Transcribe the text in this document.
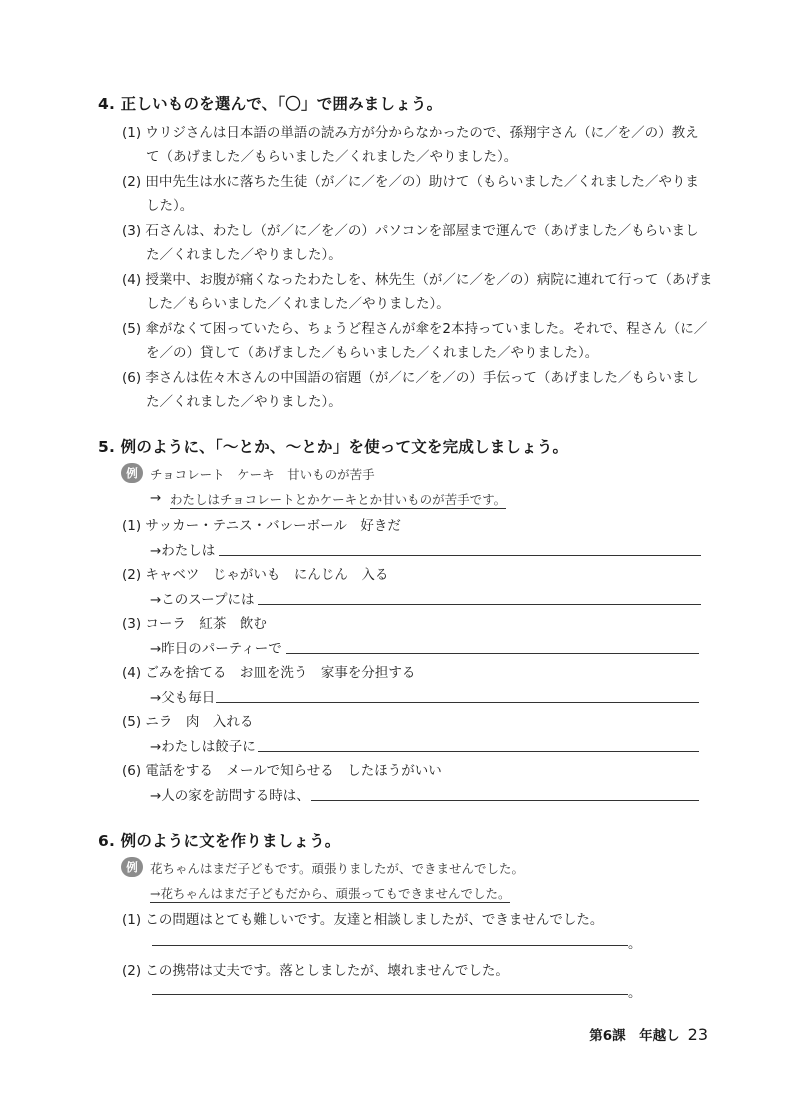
4. 正しいものを選んで、「〇」で囲みましょう。
(1) ウリジさんは日本語の単語の読み方が分からなかったので、孫翔宇さん（に／を／の）教え
て（あげました／もらいました／くれました／やりました）。
(2) 田中先生は水に落ちた生徒（が／に／を／の）助けて（もらいました／くれました／やりま
した）。
(3) 石さんは、わたし（が／に／を／の）パソコンを部屋まで運んで（あげました／もらいまし
た／くれました／やりました）。
(4) 授業中、お腹が痛くなったわたしを、林先生（が／に／を／の）病院に連れて行って（あげま
した／もらいました／くれました／やりました）。
(5) 傘がなくて困っていたら、ちょうど程さんが傘を2本持っていました。それで、程さん（に／
を／の）貸して（あげました／もらいました／くれました／やりました）。
(6) 李さんは佐々木さんの中国語の宿題（が／に／を／の）手伝って（あげました／もらいまし
た／くれました／やりました）。
5. 例のように、「～とか、～とか」を使って文を完成しましょう。
例 チョコレート　ケーキ　甘いものが苦手
→ わたしはチョコレートとかケーキとか甘いものが苦手です。
(1) サッカー・テニス・バレーボール　好きだ
→わたしは
(2) キャベツ　じゃがいも　にんじん　入る
→このスープには
(3) コーラ　紅茶　飲む
→昨日のパーティーで
(4) ごみを捨てる　お皿を洗う　家事を分担する
→父も毎日
(5) ニラ　肉　入れる
→わたしは餃子に
(6) 電話をする　メールで知らせる　したほうがいい
→人の家を訪問する時は、
6. 例のように文を作りましょう。
例 花ちゃんはまだ子どもです。頑張りましたが、できませんでした。
→花ちゃんはまだ子どもだから、頑張ってもできませんでした。
(1) この問題はとても難しいです。友達と相談しましたが、できませんでした。
。
(2) この携帯は丈夫です。落としましたが、壊れませんでした。
。
第6課　年越し 23
